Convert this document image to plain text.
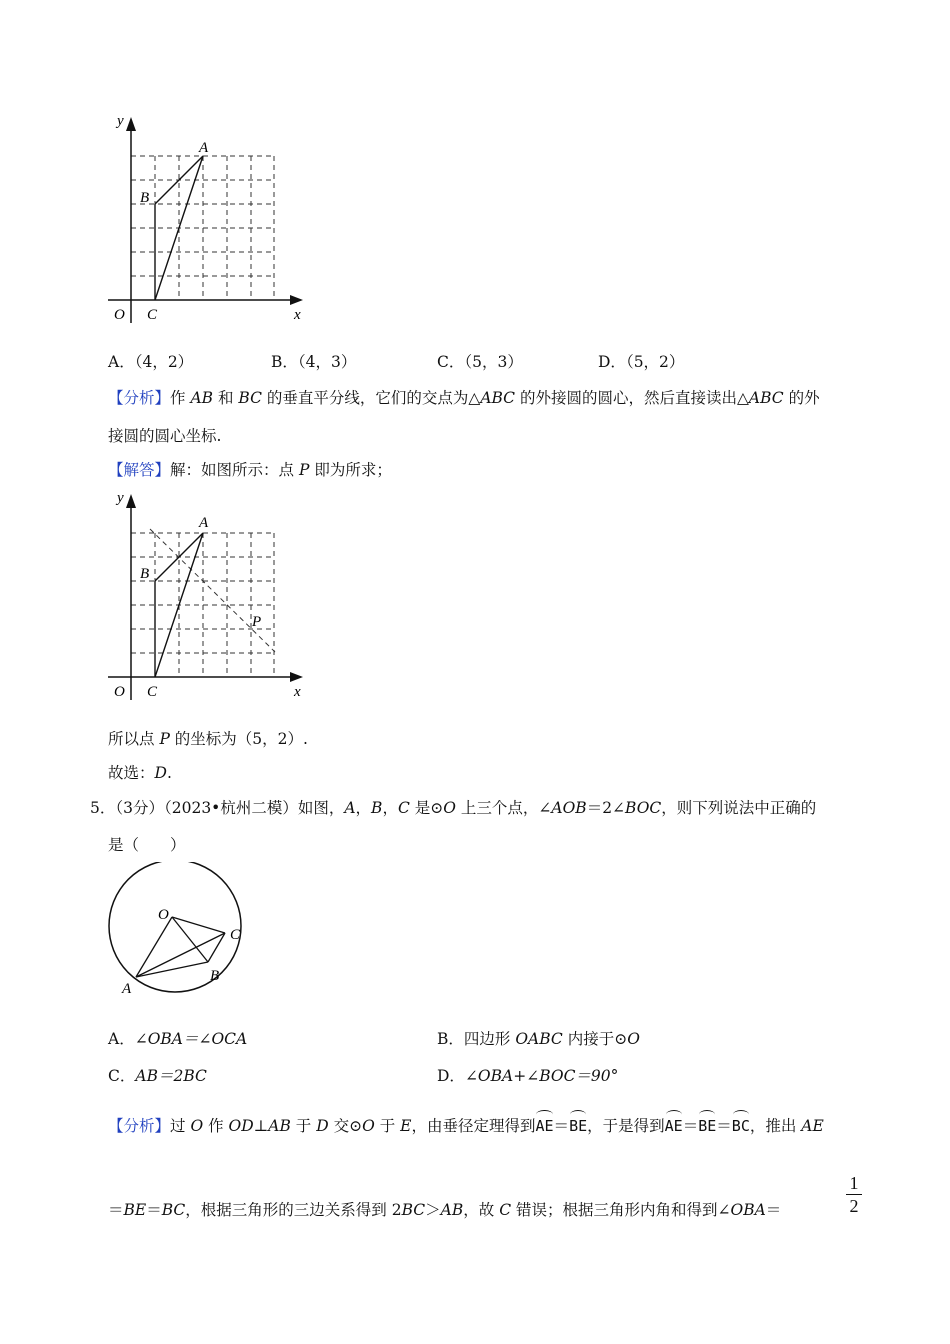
y
x
O
A
B
C
A．（4，2）	B．（4，3）	C．（5，3）	D．（5，2）
【分析】作 AB 和 BC 的垂直平分线，它们的交点为△ABC 的外接圆的圆心，然后直接读出△ABC 的外
接圆的圆心坐标.
【解答】解：如图所示：点 P 即为所求；
y
x
O
A
B
C
P
所以点 P 的坐标为（5，2）.
故选：D.
5．（3分）（2023•杭州二模）如图，A，B，C 是⊙O 上三个点，∠AOB＝2∠BOC，则下列说法中正确的
是（　　）
O
A
B
C
A．∠OBA＝∠OCA	B．四边形 OABC 内接于⊙O
C．AB＝2BC	D．∠OBA+∠BOC＝90°
【分析】过 O 作 OD⊥AB 于 D 交⊙O 于 E，由垂径定理得到AE＝BE，于是得到AE＝BE＝BC，推出 AE
＝BE＝BC，根据三角形的三边关系得到 2BC＞AB，故 C 错误；根据三角形内角和得到∠OBA＝
1
2
